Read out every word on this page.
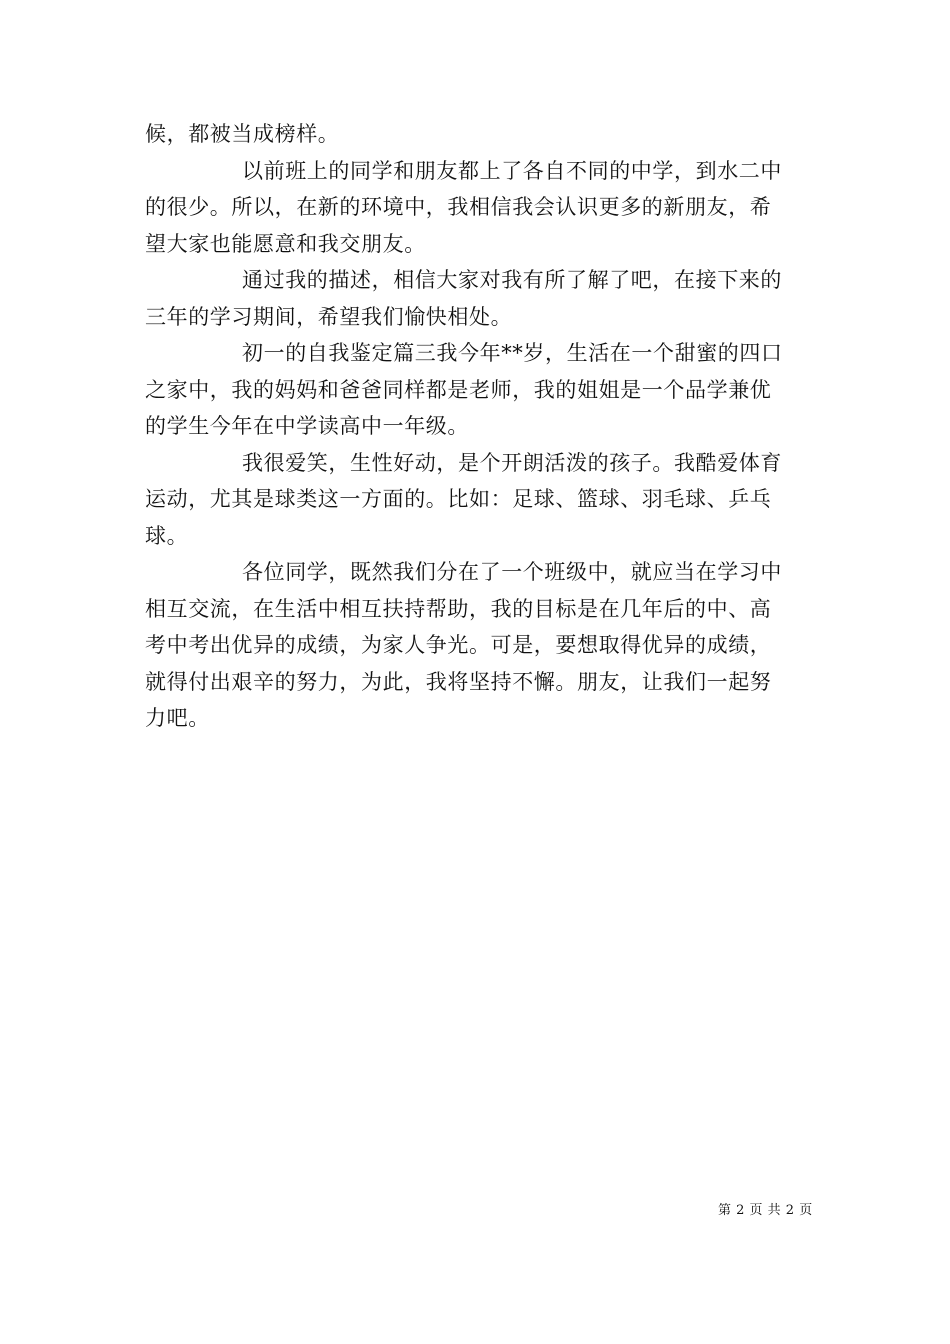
候，都被当成榜样。
以前班上的同学和朋友都上了各自不同的中学，到水二中
的很少。所以，在新的环境中，我相信我会认识更多的新朋友，希
望大家也能愿意和我交朋友。
通过我的描述，相信大家对我有所了解了吧，在接下来的
三年的学习期间，希望我们愉快相处。
初一的自我鉴定篇三我今年**岁，生活在一个甜蜜的四口
之家中，我的妈妈和爸爸同样都是老师，我的姐姐是一个品学兼优
的学生今年在中学读高中一年级。
我很爱笑，生性好动，是个开朗活泼的孩子。我酷爱体育
运动，尤其是球类这一方面的。比如：足球、篮球、羽毛球、乒乓
球。
各位同学，既然我们分在了一个班级中，就应当在学习中
相互交流，在生活中相互扶持帮助，我的目标是在几年后的中、高
考中考出优异的成绩，为家人争光。可是，要想取得优异的成绩，
就得付出艰辛的努力，为此，我将坚持不懈。朋友，让我们一起努
力吧。
第 2 页 共 2 页
